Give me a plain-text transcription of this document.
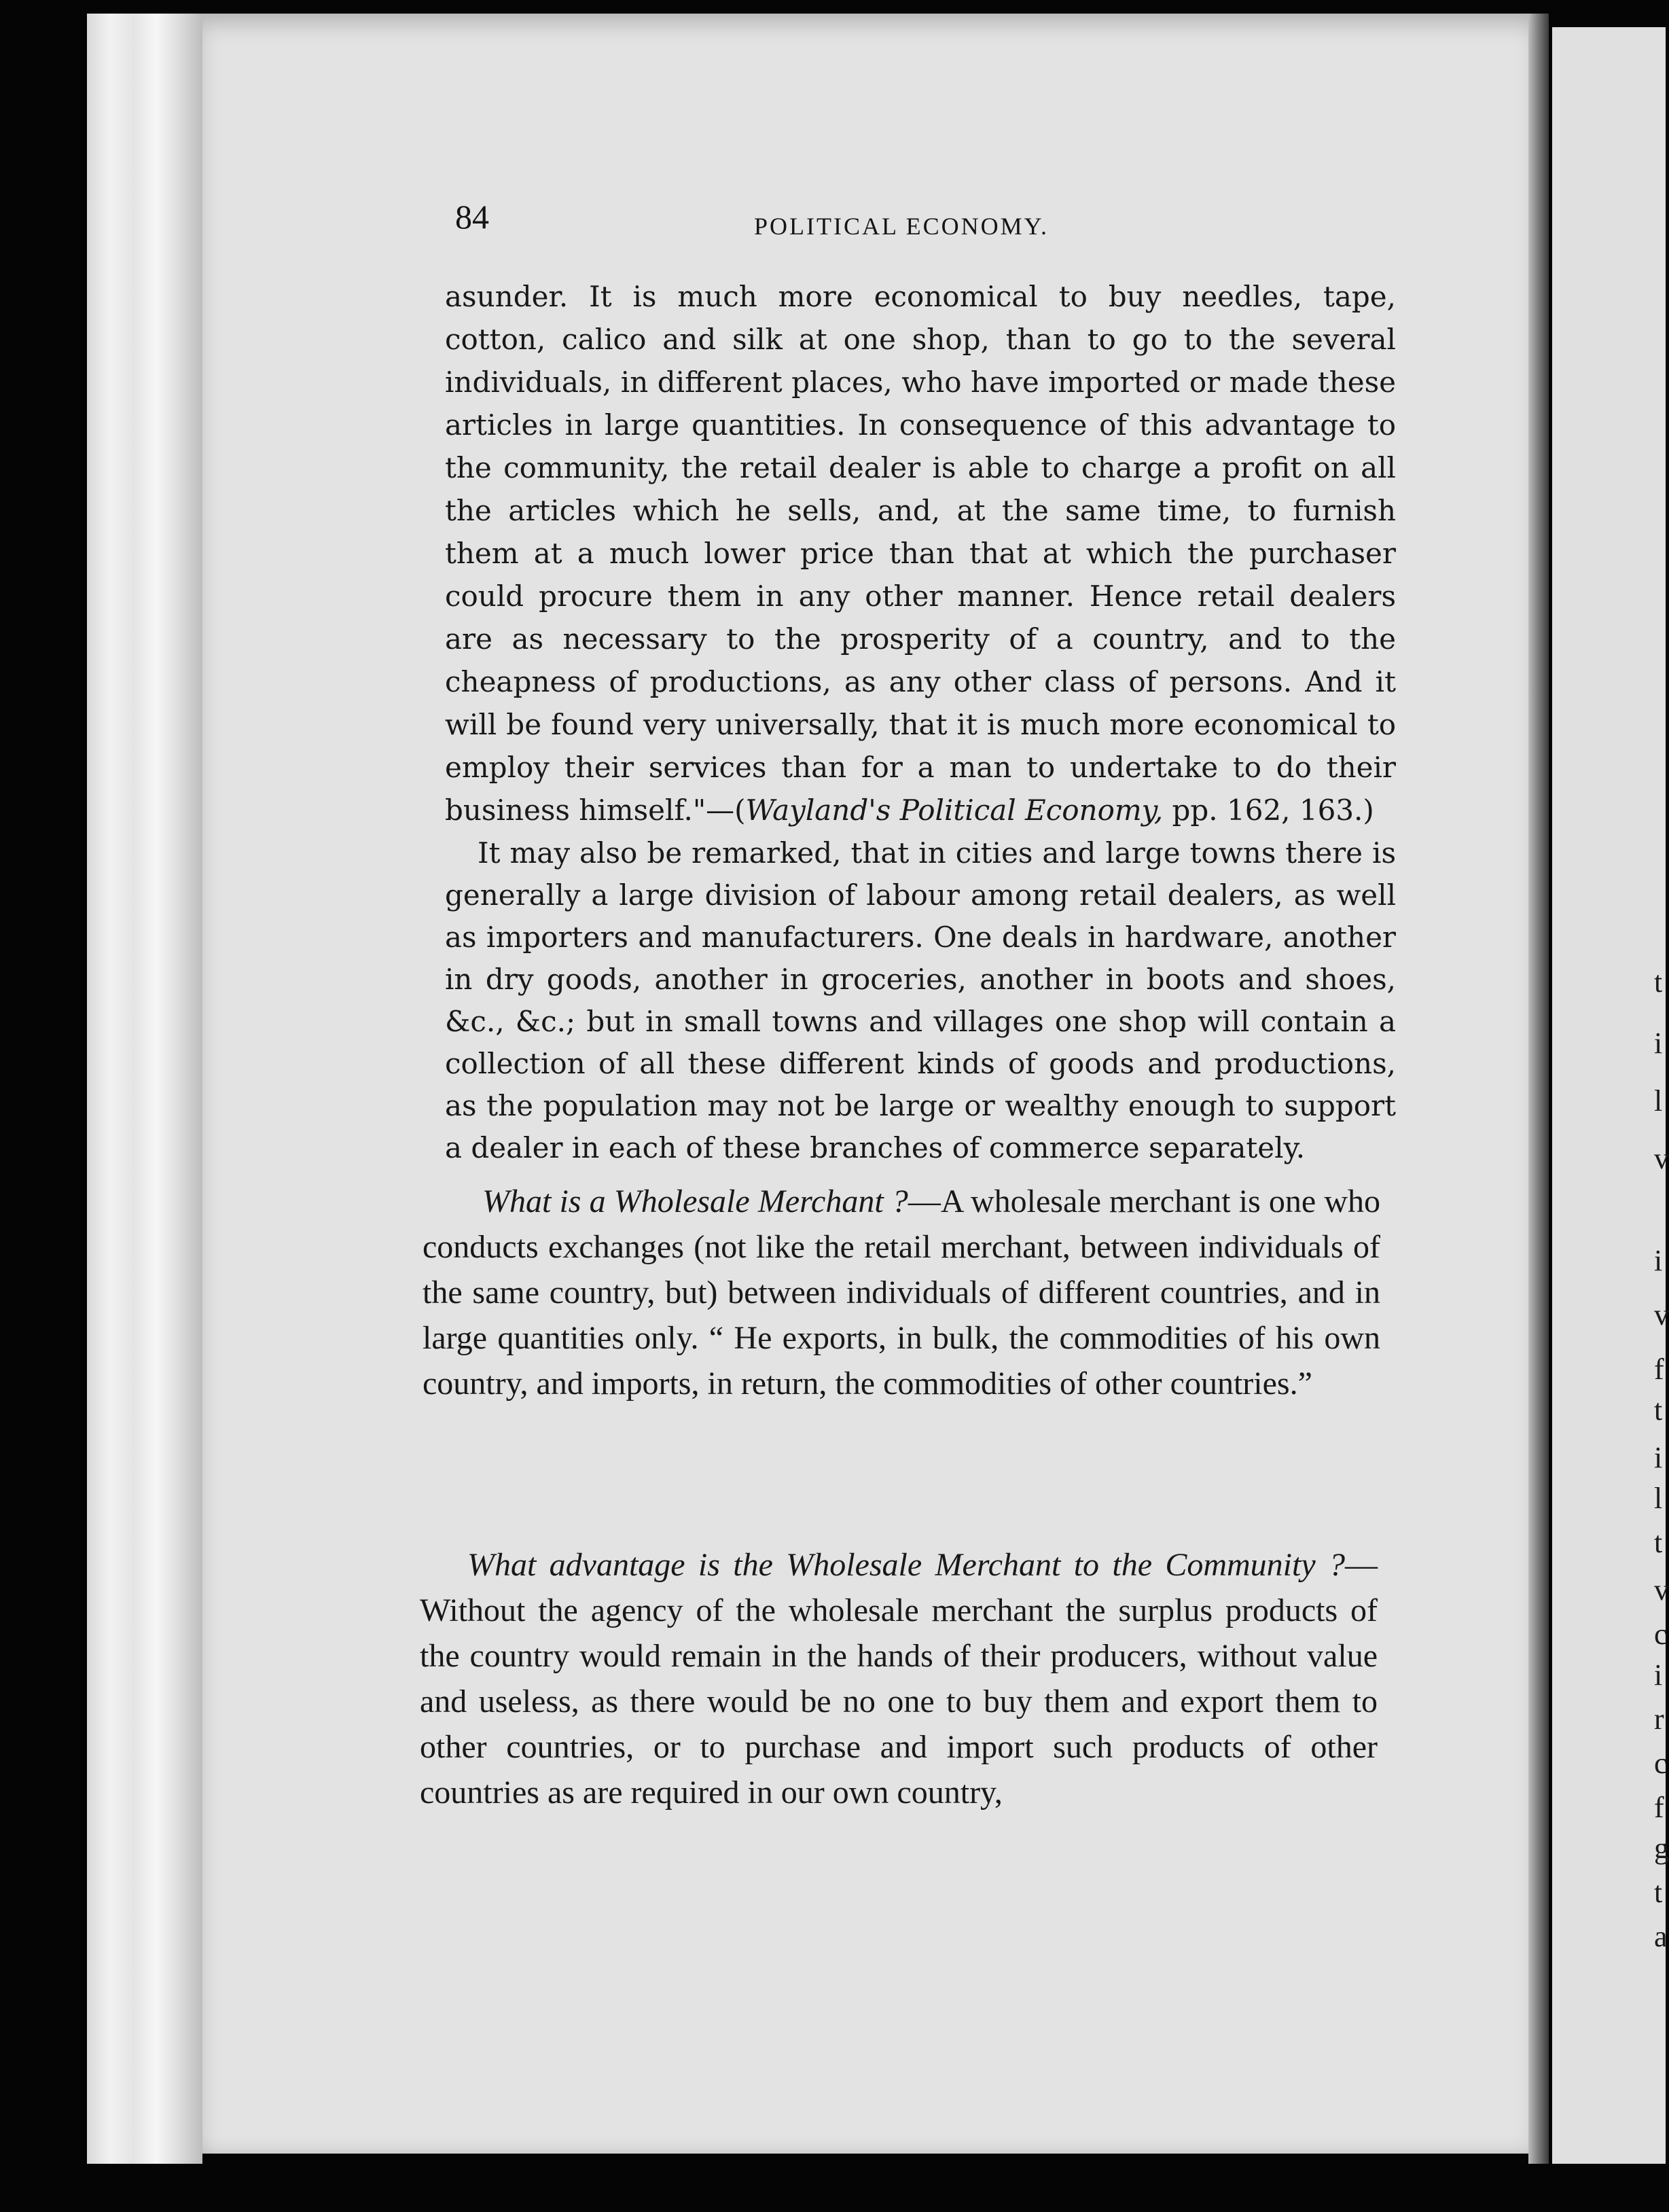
t
i
l
v
i
v
f
t
i
l
t
v
c
i
r
c
f
g
t
a
84	POLITICAL ECONOMY.
asunder. It is much more economical to buy needles, tape, cotton, calico and silk at one shop, than to go to the several individuals, in different places, who have imported or made these articles in large quantities. In consequence of this advantage to the community, the retail dealer is able to charge a profit on all the articles which he sells, and, at the same time, to furnish them at a much lower price than that at which the purchaser could procure them in any other manner. Hence retail dealers are as necessary to the prosperity of a country, and to the cheapness of productions, as any other class of persons. And it will be found very universally, that it is much more economical to employ their services than for a man to undertake to do their business himself."—(Wayland's Political Economy, pp. 162, 163.)
It may also be remarked, that in cities and large towns there is generally a large division of labour among retail dealers, as well as importers and manufacturers. One deals in hardware, another in dry goods, another in groceries, another in boots and shoes, &c., &c.; but in small towns and villages one shop will contain a collection of all these different kinds of goods and productions, as the population may not be large or wealthy enough to support a dealer in each of these branches of commerce separately.
What is a Wholesale Merchant ?—A wholesale merchant is one who conducts exchanges (not like the retail merchant, between individuals of the same country, but) between individuals of different countries, and in large quantities only. “ He exports, in bulk, the commodities of his own country, and imports, in return, the commodities of other countries.”
What advantage is the Wholesale Merchant to the Community ?—Without the agency of the wholesale merchant the surplus products of the country would remain in the hands of their producers, without value and useless, as there would be no one to buy them and export them to other countries, or to purchase and import such products of other countries as are required in our own country,
